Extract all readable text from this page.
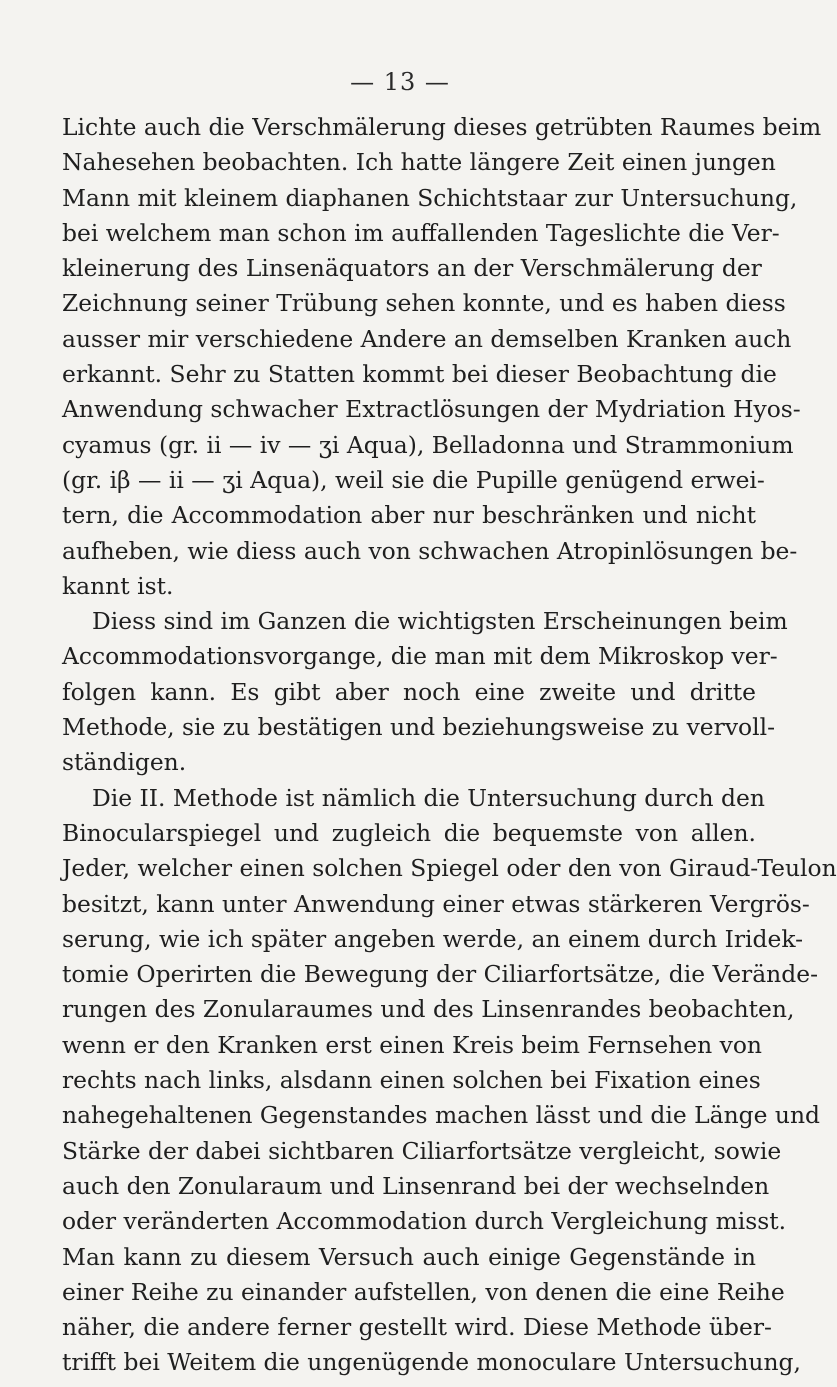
— 13 —
Lichte auch die Verschmälerung dieses getrübten Raumes beim
Nahesehen beobachten. Ich hatte längere Zeit einen jungen
Mann mit kleinem diaphanen Schichtstaar zur Untersuchung,
bei welchem man schon im auffallenden Tageslichte die Ver-
kleinerung des Linsenäquators an der Verschmälerung der
Zeichnung seiner Trübung sehen konnte, und es haben diess
ausser mir verschiedene Andere an demselben Kranken auch
erkannt. Sehr zu Statten kommt bei dieser Beobachtung die
Anwendung schwacher Extractlösungen der Mydriation Hyos-
cyamus (gr. ii — iv — ʒi Aqua), Belladonna und Strammonium
(gr. iβ — ii — ʒi Aqua), weil sie die Pupille genügend erwei-
tern, die Accommodation aber nur beschränken und nicht
aufheben, wie diess auch von schwachen Atropinlösungen be-
kannt ist.
Diess sind im Ganzen die wichtigsten Erscheinungen beim
Accommodationsvorgange, die man mit dem Mikroskop ver-
folgen kann. Es gibt aber noch eine zweite und dritte
Methode, sie zu bestätigen und beziehungsweise zu vervoll-
ständigen.
Die II. Methode ist nämlich die Untersuchung durch den
Binocularspiegel und zugleich die bequemste von allen.
Jeder, welcher einen solchen Spiegel oder den von Giraud-Teulon
besitzt, kann unter Anwendung einer etwas stärkeren Vergrös-
serung, wie ich später angeben werde, an einem durch Iridek-
tomie Operirten die Bewegung der Ciliarfortsätze, die Verände-
rungen des Zonularaumes und des Linsenrandes beobachten,
wenn er den Kranken erst einen Kreis beim Fernsehen von
rechts nach links, alsdann einen solchen bei Fixation eines
nahegehaltenen Gegenstandes machen lässt und die Länge und
Stärke der dabei sichtbaren Ciliarfortsätze vergleicht, sowie
auch den Zonularaum und Linsenrand bei der wechselnden
oder veränderten Accommodation durch Vergleichung misst.
Man kann zu diesem Versuch auch einige Gegenstände in
einer Reihe zu einander aufstellen, von denen die eine Reihe
näher, die andere ferner gestellt wird. Diese Methode über-
trifft bei Weitem die ungenügende monoculare Untersuchung,
